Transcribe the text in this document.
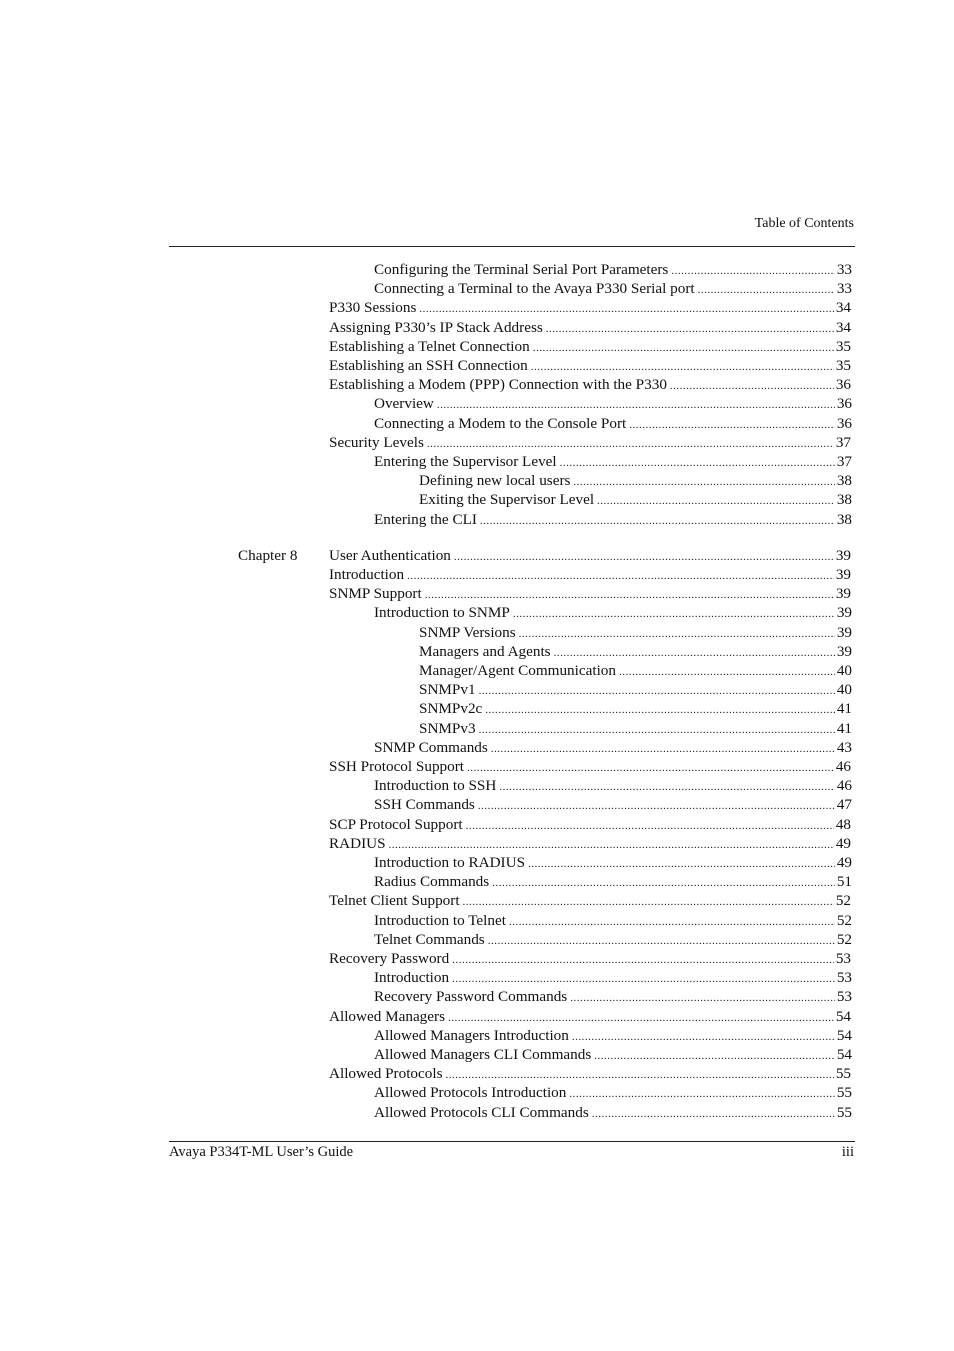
Table of Contents
Configuring the Terminal Serial Port Parameters .....	33
Connecting a Terminal to the Avaya P330 Serial port .....	33
P330 Sessions .....	34
Assigning P330’s IP Stack Address .....	34
Establishing a Telnet Connection .....	35
Establishing an SSH Connection .....	35
Establishing a Modem (PPP) Connection with the P330 .....	36
Overview .....	36
Connecting a Modem to the Console Port .....	36
Security Levels .....	37
Entering the Supervisor Level .....	37
Defining new local users .....	38
Exiting the Supervisor Level .....	38
Entering the CLI .....	38
Chapter 8 User Authentication .....	39
Introduction .....	39
SNMP Support .....	39
Introduction to SNMP .....	39
SNMP Versions .....	39
Managers and Agents .....	39
Manager/Agent Communication .....	40
SNMPv1 .....	40
SNMPv2c .....	41
SNMPv3 .....	41
SNMP Commands .....	43
SSH Protocol Support .....	46
Introduction to SSH .....	46
SSH Commands .....	47
SCP Protocol Support .....	48
RADIUS .....	49
Introduction to RADIUS .....	49
Radius Commands .....	51
Telnet Client Support .....	52
Introduction to Telnet .....	52
Telnet Commands .....	52
Recovery Password .....	53
Introduction .....	53
Recovery Password Commands .....	53
Allowed Managers .....	54
Allowed Managers Introduction .....	54
Allowed Managers CLI Commands .....	54
Allowed Protocols .....	55
Allowed Protocols Introduction .....	55
Allowed Protocols CLI Commands .....	55
Avaya P334T-ML User’s Guide	iii
